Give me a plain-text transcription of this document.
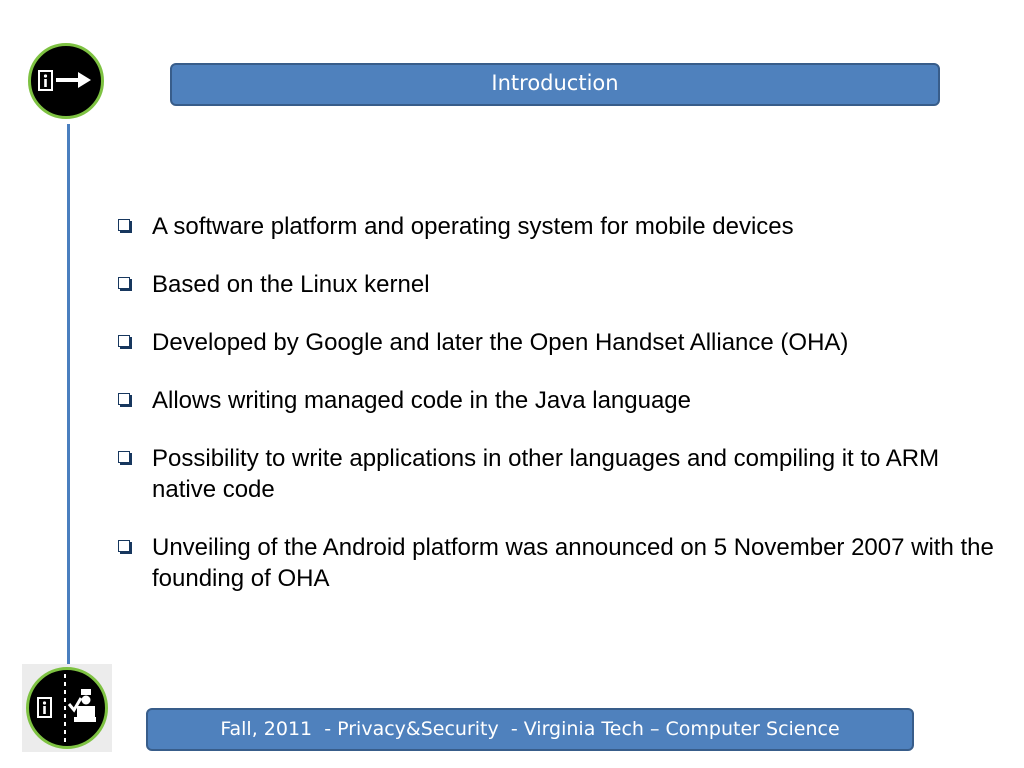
Introduction
A software platform and operating system for mobile devices
Based on the Linux kernel
Developed by Google and later the Open Handset Alliance (OHA)
Allows writing managed code in the Java language
Possibility to write applications in other languages and compiling it to ARM native code
Unveiling of the Android platform was announced on 5 November 2007 with the founding of OHA
Fall, 2011  - Privacy&Security  - Virginia Tech – Computer Science
